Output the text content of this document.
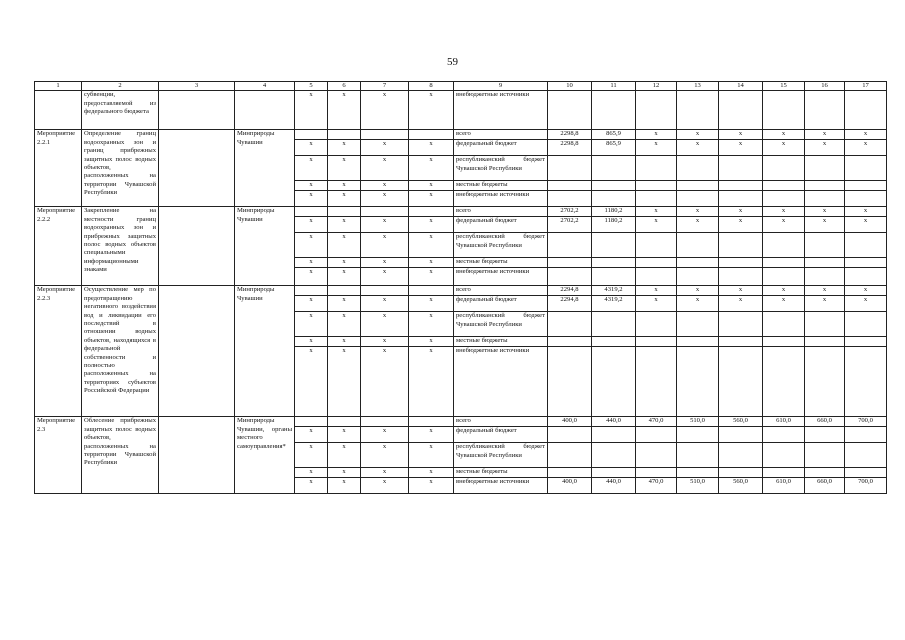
59
1	2	3	4	5	6	7	8	9	10	11	12	13	14	15	16	17
	субвенции, предоставляемой из федерального бюджета			x	x	x	x	внебюджетные источники								
Мероприятие 2.2.1	Определение границ водоохранных зон и границ прибрежных защитных полос водных объектов, расположенных на территории Чувашской Республики		Минприроды Чувашии					всего	2298,8	865,9	x	x	x	x	x	x
				x	x	x	x	федеральный бюджет	2298,8	865,9	x	x	x	x	x	x
				x	x	x	x	республиканский бюджет Чувашской Республики								
				x	x	x	x	местные бюджеты								
				x	x	x	x	внебюджетные источники								
Мероприятие 2.2.2	Закрепление на местности границ водоохранных зон и прибрежных защитных полос водных объектов специальными информационными знаками		Минприроды Чувашии					всего	2702,2	1180,2	x	x	x	x	x	x
				x	x	x	x	федеральный бюджет	2702,2	1180,2	x	x	x	x	x	x
				x	x	x	x	республиканский бюджет Чувашской Республики								
				x	x	x	x	местные бюджеты								
				x	x	x	x	внебюджетные источники								
Мероприятие 2.2.3	Осуществление мер по предотвращению негативного воздействия вод и ликвидации его последствий в отношении водных объектов, находящихся в федеральной собственности и полностью расположенных на территориях субъектов Российской Федерации		Минприроды Чувашии					всего	2294,8	4319,2	x	x	x	x	x	x
				x	x	x	x	федеральный бюджет	2294,8	4319,2	x	x	x	x	x	x
				x	x	x	x	республиканский бюджет Чувашской Республики								
				x	x	x	x	местные бюджеты								
				x	x	x	x	внебюджетные источники								
Мероприятие 2.3	Облесение прибрежных защитных полос водных объектов, расположенных на территории Чувашской Республики		Минприроды Чувашии, органы местного самоуправления*					всего	400,0	440,0	470,0	510,0	560,0	610,0	660,0	700,0
				x	x	x	x	федеральный бюджет								
				x	x	x	x	республиканский бюджет Чувашской Республики								
				x	x	x	x	местные бюджеты								
				x	x	x	x	внебюджетные источники	400,0	440,0	470,0	510,0	560,0	610,0	660,0	700,0
